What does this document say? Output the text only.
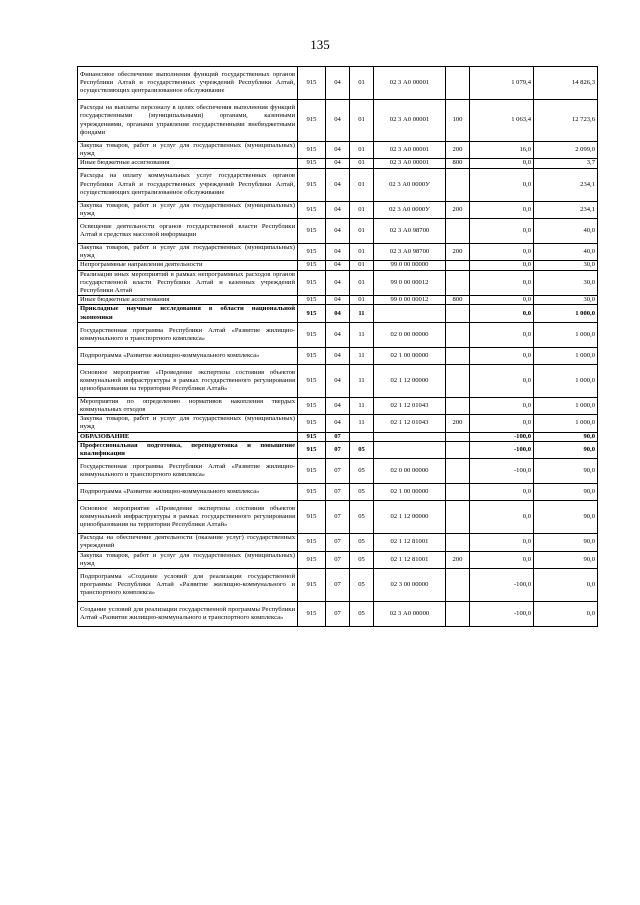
135
Финансовое обеспечение выполнения функций государственных органов Республики Алтай и государственных учреждений Республики Алтай, осуществляющих централизованное обслуживание	915	04	01	02 3 А0 00001		1 079,4	14 826,3
Расходы на выплаты персоналу в целях обеспечения выполнения функций государственными (муниципальными) органами, казенными учреждениями, органами управления государственными внебюджетными фондами	915	04	01	02 3 А0 00001	100	1 063,4	12 723,6
Закупка товаров, работ и услуг для государственных (муниципальных) нужд	915	04	01	02 3 А0 00001	200	16,0	2 099,0
Иные бюджетные ассигнования	915	04	01	02 3 А0 00001	800	0,0	3,7
Расходы на оплату коммунальных услуг государственных органов Республики Алтай и государственных учреждений Республики Алтай, осуществляющих централизованное обслуживание	915	04	01	02 3 А0 0000У		0,0	234,1
Закупка товаров, работ и услуг для государственных (муниципальных) нужд	915	04	01	02 3 А0 0000У	200	0,0	234,1
Освещение деятельности органов государственной власти Республики Алтай в средствах массовой информации	915	04	01	02 3 А0 98700		0,0	40,0
Закупка товаров, работ и услуг для государственных (муниципальных) нужд	915	04	01	02 3 А0 98700	200	0,0	40,0
Непрограммные направления деятельности	915	04	01	99 0 00 00000		0,0	30,0
Реализация иных мероприятий в рамках непрограммных расходов органов государственной власти Республики Алтай и казенных учреждений Республики Алтай	915	04	01	99 0 00 00012		0,0	30,0
Иные бюджетные ассигнования	915	04	01	99 0 00 00012	800	0,0	30,0
Прикладные научные исследования в области национальной экономики	915	04	11			0,0	1 000,0
Государственная программа Республики Алтай «Развитие жилищно-коммунального и транспортного комплекса»	915	04	11	02 0 00 00000		0,0	1 000,0
Подпрограмма «Развитие жилищно-коммунального комплекса»	915	04	11	02 1 00 00000		0,0	1 000,0
Основное мероприятие «Проведение экспертизы состояния объектов коммунальной инфраструктуры в рамках государственного регулирования ценообразования на территории Республики Алтай»	915	04	11	02 1 12 00000		0,0	1 000,0
Мероприятия по определению нормативов накопления твердых коммунальных отходов	915	04	11	02 1 12 01043		0,0	1 000,0
Закупка товаров, работ и услуг для государственных (муниципальных) нужд	915	04	11	02 1 12 01043	200	0,0	1 000,0
ОБРАЗОВАНИЕ	915	07				-100,0	90,0
Профессиональная подготовка, переподготовка и повышение квалификации	915	07	05			-100,0	90,0
Государственная программа Республики Алтай «Развитие жилищно-коммунального и транспортного комплекса»	915	07	05	02 0 00 00000		-100,0	90,0
Подпрограмма «Развитие жилищно-коммунального комплекса»	915	07	05	02 1 00 00000		0,0	90,0
Основное мероприятие «Проведение экспертизы состояния объектов коммунальной инфраструктуры в рамках государственного регулирования ценообразования на территории Республики Алтай»	915	07	05	02 1 12 00000		0,0	90,0
Расходы на обеспечение деятельности (оказание услуг) государственных учреждений	915	07	05	02 1 12 81001		0,0	90,0
Закупка товаров, работ и услуг для государственных (муниципальных) нужд	915	07	05	02 1 12 81001	200	0,0	90,0
Подпрограмма «Создание условий для реализации государственной программы Республики Алтай «Развитие жилищно-коммунального и транспортного комплекса»	915	07	05	02 3 00 00000		-100,0	0,0
Создание условий для реализации государственной программы Республики Алтай «Развитие жилищно-коммунального и транспортного комплекса»	915	07	05	02 3 А0 00000		-100,0	0,0
